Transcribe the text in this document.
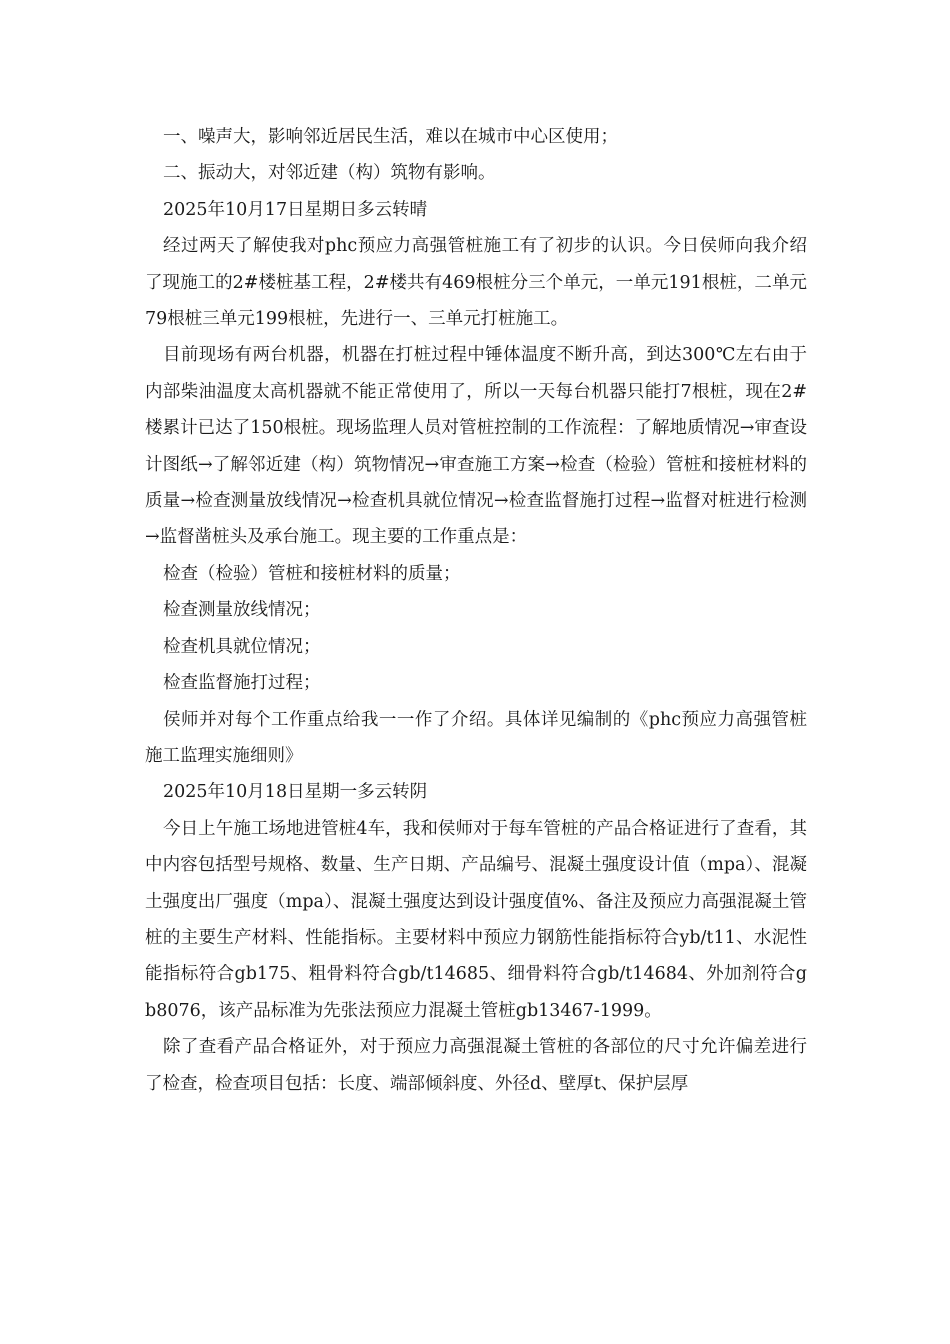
一、噪声大，影响邻近居民生活，难以在城市中心区使用；

二、振动大，对邻近建（构）筑物有影响。

2025年10月17日星期日多云转晴

经过两天了解使我对phc预应力高强管桩施工有了初步的认识。今日侯师向我介绍了现施工的2#楼桩基工程，2#楼共有469根桩分三个单元，一单元191根桩，二单元79根桩三单元199根桩，先进行一、三单元打桩施工。

目前现场有两台机器，机器在打桩过程中锤体温度不断升高，到达300℃左右由于内部柴油温度太高机器就不能正常使用了，所以一天每台机器只能打7根桩，现在2#楼累计已达了150根桩。现场监理人员对管桩控制的工作流程：了解地质情况→审查设计图纸→了解邻近建（构）筑物情况→审查施工方案→检查（检验）管桩和接桩材料的质量→检查测量放线情况→检查机具就位情况→检查监督施打过程→监督对桩进行检测→监督凿桩头及承台施工。现主要的工作重点是：

检查（检验）管桩和接桩材料的质量；

检查测量放线情况；

检查机具就位情况；

检查监督施打过程；

侯师并对每个工作重点给我一一作了介绍。具体详见编制的《phc预应力高强管桩施工监理实施细则》

2025年10月18日星期一多云转阴

今日上午施工场地进管桩4车，我和侯师对于每车管桩的产品合格证进行了查看，其中内容包括型号规格、数量、生产日期、产品编号、混凝土强度设计值（mpa）、混凝土强度出厂强度（mpa）、混凝土强度达到设计强度值%、备注及预应力高强混凝土管桩的主要生产材料、性能指标。主要材料中预应力钢筋性能指标符合yb/t11、水泥性能指标符合gb175、粗骨料符合gb/t14685、细骨料符合gb/t14684、外加剂符合gb8076，该产品标准为先张法预应力混凝土管桩gb13467-1999。

除了查看产品合格证外，对于预应力高强混凝土管桩的各部位的尺寸允许偏差进行了检查，检查项目包括：长度、端部倾斜度、外径d、壁厚t、保护层厚
